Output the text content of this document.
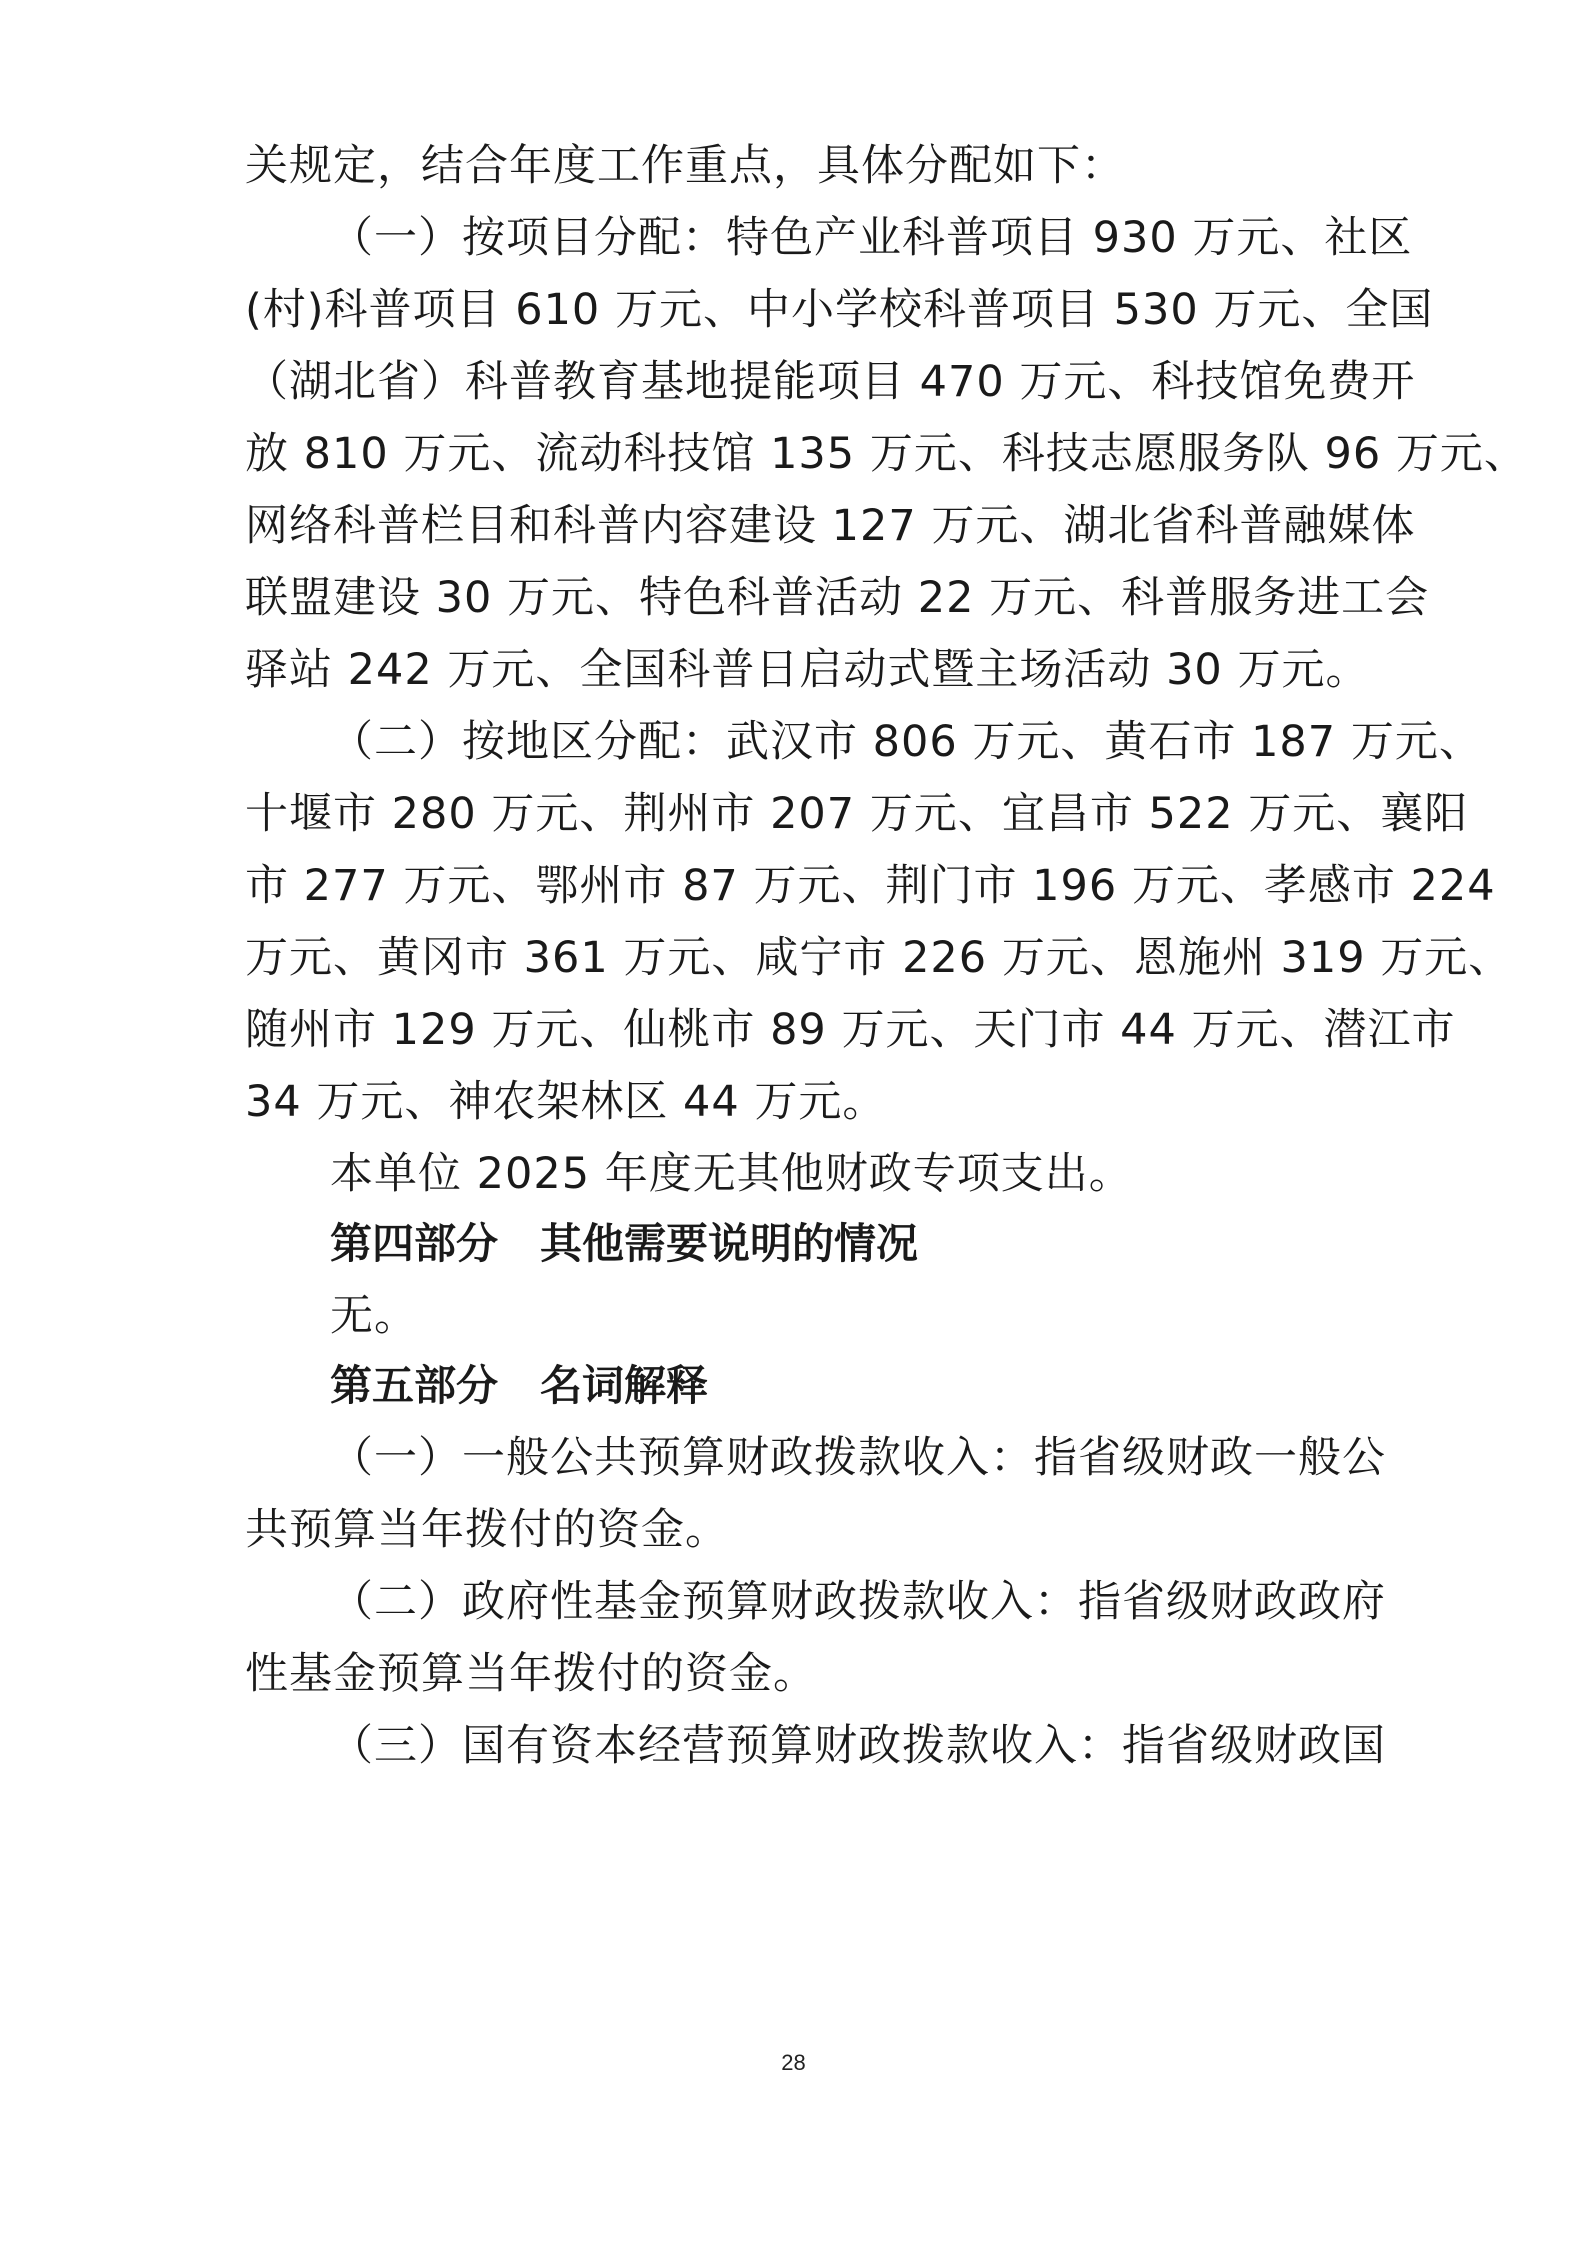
关规定，结合年度工作重点，具体分配如下：
（一）按项目分配：特色产业科普项目 930 万元、社区
(村)科普项目 610 万元、中小学校科普项目 530 万元、全国
（湖北省）科普教育基地提能项目 470 万元、科技馆免费开
放 810 万元、流动科技馆 135 万元、科技志愿服务队 96 万元、
网络科普栏目和科普内容建设 127 万元、湖北省科普融媒体
联盟建设 30 万元、特色科普活动 22 万元、科普服务进工会
驿站 242 万元、全国科普日启动式暨主场活动 30 万元。
（二）按地区分配：武汉市 806 万元、黄石市 187 万元、
十堰市 280 万元、荆州市 207 万元、宜昌市 522 万元、襄阳
市 277 万元、鄂州市 87 万元、荆门市 196 万元、孝感市 224
万元、黄冈市 361 万元、咸宁市 226 万元、恩施州 319 万元、
随州市 129 万元、仙桃市 89 万元、天门市 44 万元、潜江市
34 万元、神农架林区 44 万元。
本单位 2025 年度无其他财政专项支出。
第四部分　其他需要说明的情况
无。
第五部分　名词解释
（一）一般公共预算财政拨款收入：指省级财政一般公
共预算当年拨付的资金。
（二）政府性基金预算财政拨款收入：指省级财政政府
性基金预算当年拨付的资金。
（三）国有资本经营预算财政拨款收入：指省级财政国
28
